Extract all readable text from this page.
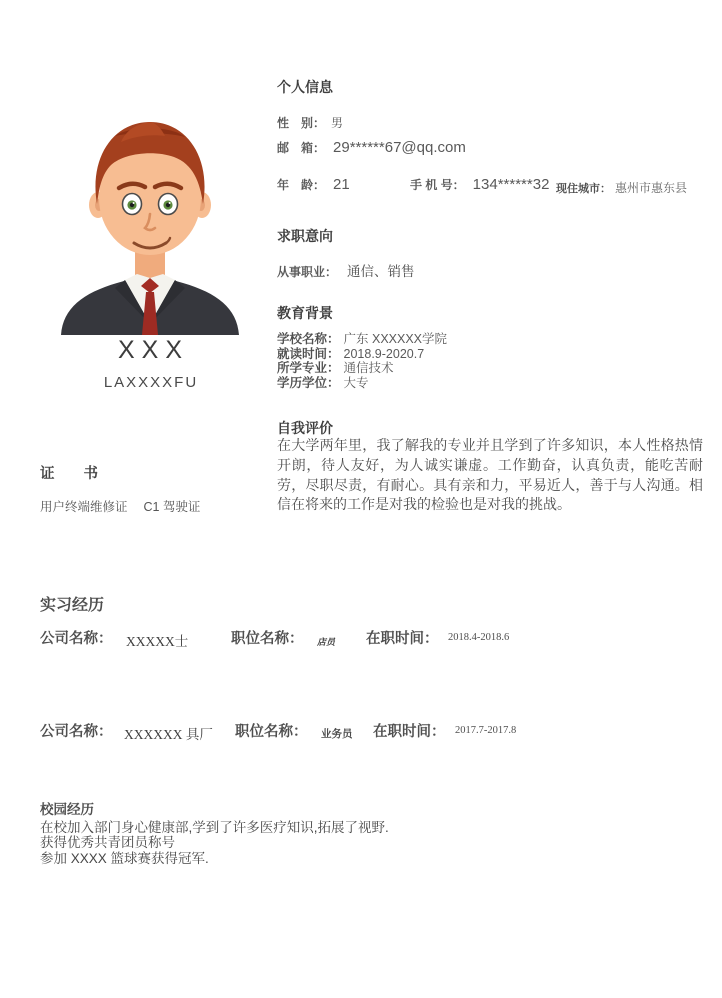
XXX
LAXXXXFU
证　　书
用户终端维修证　 C1 驾驶证
个人信息
性　别： 男
邮　箱： 29******67@qq.com
年　龄： 21	手 机 号： 134******32 现住城市： 惠州市惠东县
求职意向
从事职业： 通信、销售
教育背景
学校名称： 广东 XXXXXX学院
就读时间： 2018.9-2020.7
所学专业： 通信技术
学历学位： 大专
自我评价
在大学两年里，我了解我的专业并且学到了许多知识，本人性格热情开朗，待人友好，为人诚实谦虚。工作勤奋，认真负责，能吃苦耐劳，尽职尽责，有耐心。具有亲和力，平易近人，善于与人沟通。相信在将来的工作是对我的检验也是对我的挑战。
实习经历
公司名称： XXXXX士	职位名称： 店员 在职时间： 2018.4-2018.6
公司名称： XXXXXX 具厂 职位名称： 业务员 在职时间： 2017.7-2017.8
校园经历
在校加入部门身心健康部,学到了许多医疗知识,拓展了视野.
获得优秀共青团员称号
参加 XXXX 篮球赛获得冠军.
